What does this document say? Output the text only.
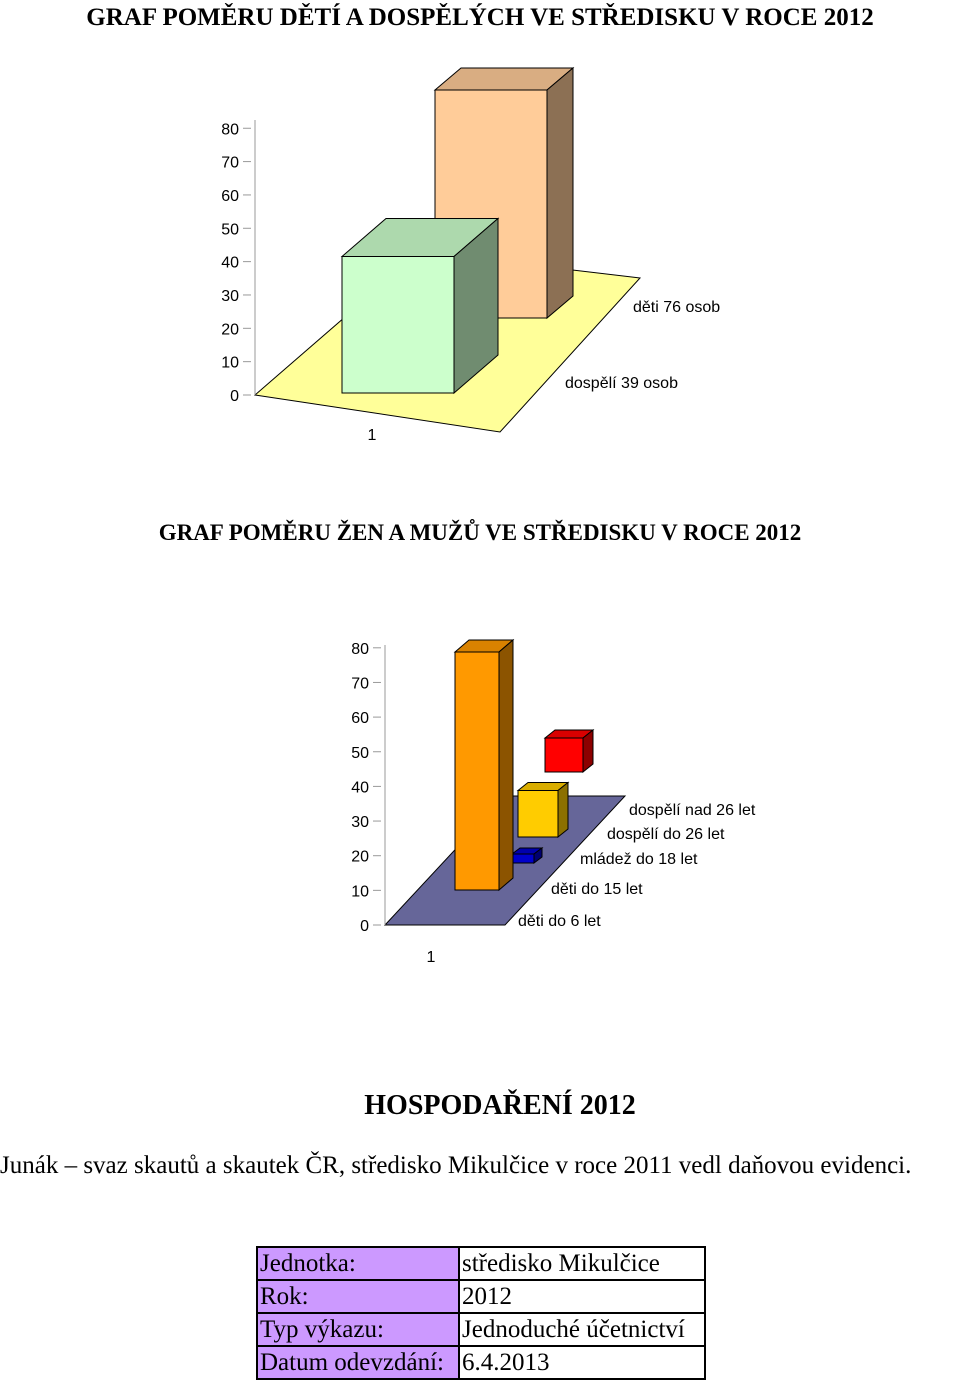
GRAF POMĚRU DĚTÍ A DOSPĚLÝCH VE STŘEDISKU V ROCE 2012
0
10
20
30
40
50
60
70
80
1
dospělí 39 osob
děti 76 osob
GRAF POMĚRU ŽEN A MUŽŮ VE STŘEDISKU V ROCE 2012
0
10
20
30
40
50
60
70
80
1
děti do 6 let
děti do 15 let
mládež do 18 let
dospělí do 26 let
dospělí nad 26 let
HOSPODAŘENÍ 2012
Junák – svaz skautů a skautek ČR, středisko Mikulčice v roce 2011 vedl daňovou evidenci.
Jednotka:	středisko Mikulčice
Rok:	2012
Typ výkazu:	Jednoduché účetnictví
Datum odevzdání:	6.4.2013
